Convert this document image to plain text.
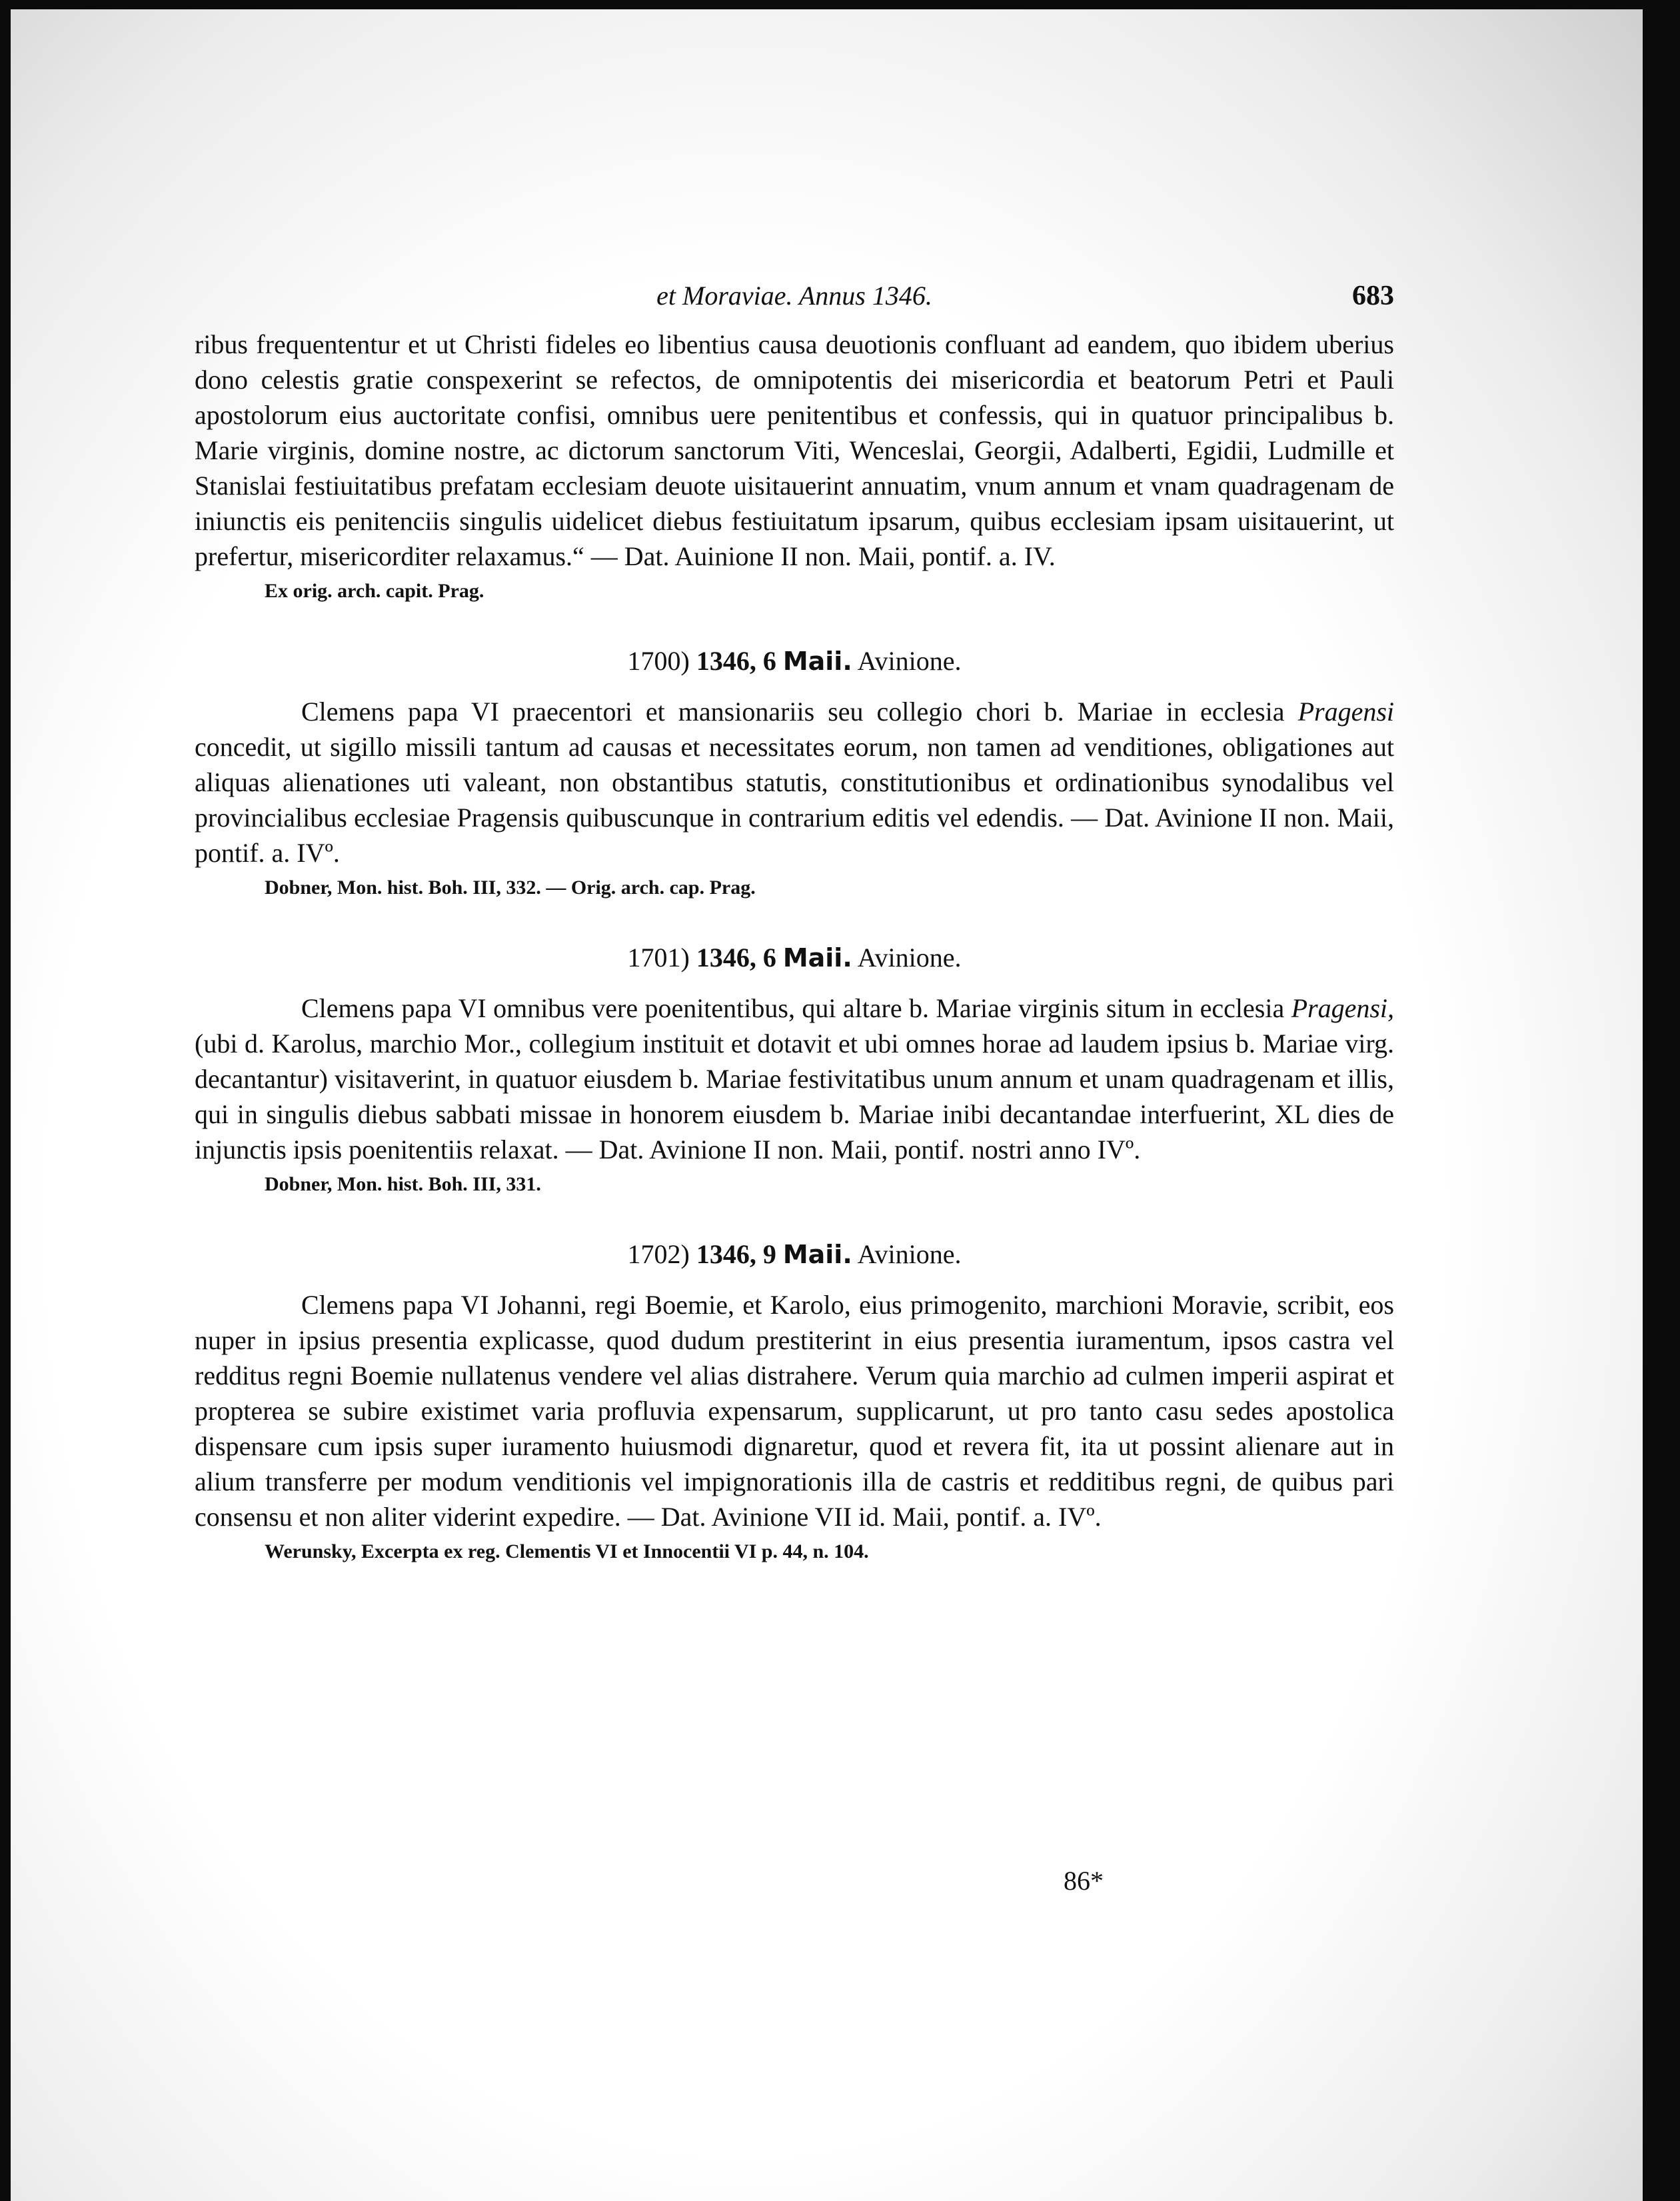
et Moraviae. Annus 1346.	683

ribus frequententur et ut Christi fideles eo libentius causa deuotionis confluant ad eandem, quo ibidem uberius dono celestis gratie conspexerint se refectos, de omnipotentis dei misericordia et beatorum Petri et Pauli apostolorum eius auctoritate confisi, omnibus uere penitentibus et confessis, qui in quatuor principalibus b. Marie virginis, domine nostre, ac dictorum sanctorum Viti, Wenceslai, Georgii, Adalberti, Egidii, Ludmille et Stanislai festiuitatibus prefatam ecclesiam deuote uisitauerint annuatim, vnum annum et vnam quadragenam de iniunctis eis penitenciis singulis uidelicet diebus festiuitatum ipsarum, quibus ecclesiam ipsam uisitauerint, ut prefertur, misericorditer relaxamus.“ — Dat. Auinione II non. Maii, pontif. a. IV.

Ex orig. arch. capit. Prag.
1700) 1346, 6 Maii. Avinione.

Clemens papa VI praecentori et mansionariis seu collegio chori b. Mariae in ecclesia Pragensi concedit, ut sigillo missili tantum ad causas et necessitates eorum, non tamen ad venditiones, obligationes aut aliquas alienationes uti valeant, non obstantibus statutis, constitutionibus et ordinationibus synodalibus vel provincialibus ecclesiae Pragensis quibuscunque in contrarium editis vel edendis. — Dat. Avinione II non. Maii, pontif. a. IVº.

Dobner, Mon. hist. Boh. III, 332. — Orig. arch. cap. Prag.
1701) 1346, 6 Maii. Avinione.

Clemens papa VI omnibus vere poenitentibus, qui altare b. Mariae virginis situm in ecclesia Pragensi, (ubi d. Karolus, marchio Mor., collegium instituit et dotavit et ubi omnes horae ad laudem ipsius b. Mariae virg. decantantur) visitaverint, in quatuor eiusdem b. Mariae festivitatibus unum annum et unam quadragenam et illis, qui in singulis diebus sabbati missae in honorem eiusdem b. Mariae inibi decantandae interfuerint, XL dies de injunctis ipsis poenitentiis relaxat. — Dat. Avinione II non. Maii, pontif. nostri anno IVº.

Dobner, Mon. hist. Boh. III, 331.
1702) 1346, 9 Maii. Avinione.

Clemens papa VI Johanni, regi Boemie, et Karolo, eius primogenito, marchioni Moravie, scribit, eos nuper in ipsius presentia explicasse, quod dudum prestiterint in eius presentia iuramentum, ipsos castra vel redditus regni Boemie nullatenus vendere vel alias distrahere. Verum quia marchio ad culmen imperii aspirat et propterea se subire existimet varia profluvia expensarum, supplicarunt, ut pro tanto casu sedes apostolica dispensare cum ipsis super iuramento huiusmodi dignaretur, quod et revera fit, ita ut possint alienare aut in alium transferre per modum venditionis vel impignorationis illa de castris et redditibus regni, de quibus pari consensu et non aliter viderint expedire. — Dat. Avinione VII id. Maii, pontif. a. IVº.

Werunsky, Excerpta ex reg. Clementis VI et Innocentii VI p. 44, n. 104.
86*
